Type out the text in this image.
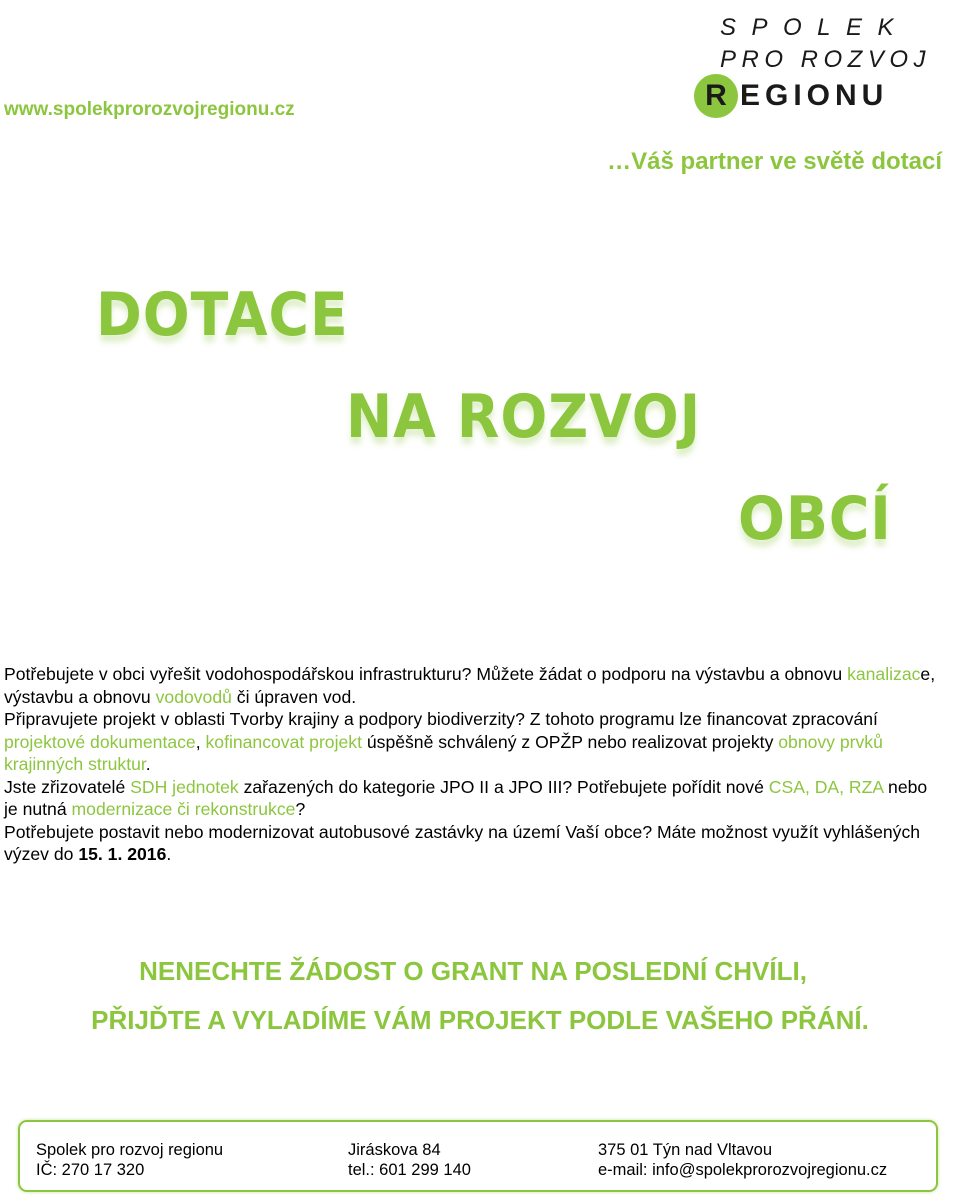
www.spolekprorozvojregionu.cz
SPOLEK
PRO ROZVOJ
R EGIONU
…Váš partner ve světě dotací
DOTACE
NA ROZVOJ
OBCÍ
Potřebujete v obci vyřešit vodohospodářskou infrastrukturu? Můžete žádat o podporu na výstavbu a obnovu kanalizace, výstavbu a obnovu vodovodů či úpraven vod.
Připravujete projekt v oblasti Tvorby krajiny a podpory biodiverzity? Z tohoto programu lze financovat zpracování projektové dokumentace, kofinancovat projekt úspěšně schválený z OPŽP nebo realizovat projekty obnovy prvků krajinných struktur.
Jste zřizovatelé SDH jednotek zařazených do kategorie JPO II a JPO III? Potřebujete pořídit nové CSA, DA, RZA nebo je nutná modernizace či rekonstrukce?
Potřebujete postavit nebo modernizovat autobusové zastávky na území Vaší obce? Máte možnost využít vyhlášených výzev do 15. 1. 2016.
NENECHTE ŽÁDOST O GRANT NA POSLEDNÍ CHVÍLI,
PŘIJĎTE A VYLADÍME VÁM PROJEKT PODLE VAŠEHO PŘÁNÍ.
Spolek pro rozvoj regionu
IČ: 270 17 320
Jiráskova 84
tel.: 601 299 140
375 01 Týn nad Vltavou
e-mail: info@spolekprorozvojregionu.cz
